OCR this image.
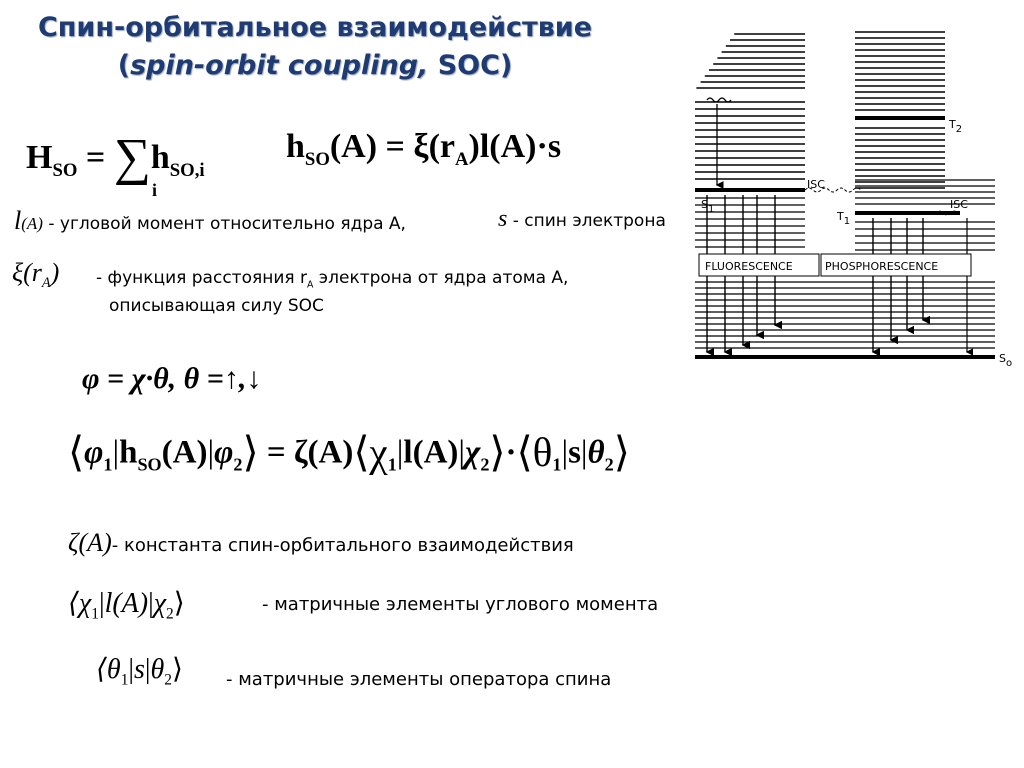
Спин-орбитальное взаимодействие
(spin-orbit coupling, SOC)
$H_{SO} = \sum h_{SO,i}$
i
$h_{SO}(A) = \xi(r_A)l(A)\cdot s$
l(A) - угловой момент относительно ядра A,	s - спин электрона
$\xi(r_A)$ - функция расстояния $r_A$ электрона от ядра атома А,
описывающая силу SOC
φ = χ·θ, θ =↑,↓
$⟨\varphi_1|h_{SO}(A)|\varphi_2⟩$ = $\zeta(A)⟨\chi_1|l(A)|\chi_2⟩\cdot⟨\theta_1|s|\theta_2⟩$
ζ(A)- константа спин-орбитального взаимодействия
$⟨\chi_1|l(A)|\chi_2⟩$	- матричные элементы углового момента
$⟨\theta_1|s|\theta_2⟩$ - матричные элементы оператора спина
FLUORESCENCE	PHOSPHORESCENCE
ISC
ISC
T2
S1
T1
So
